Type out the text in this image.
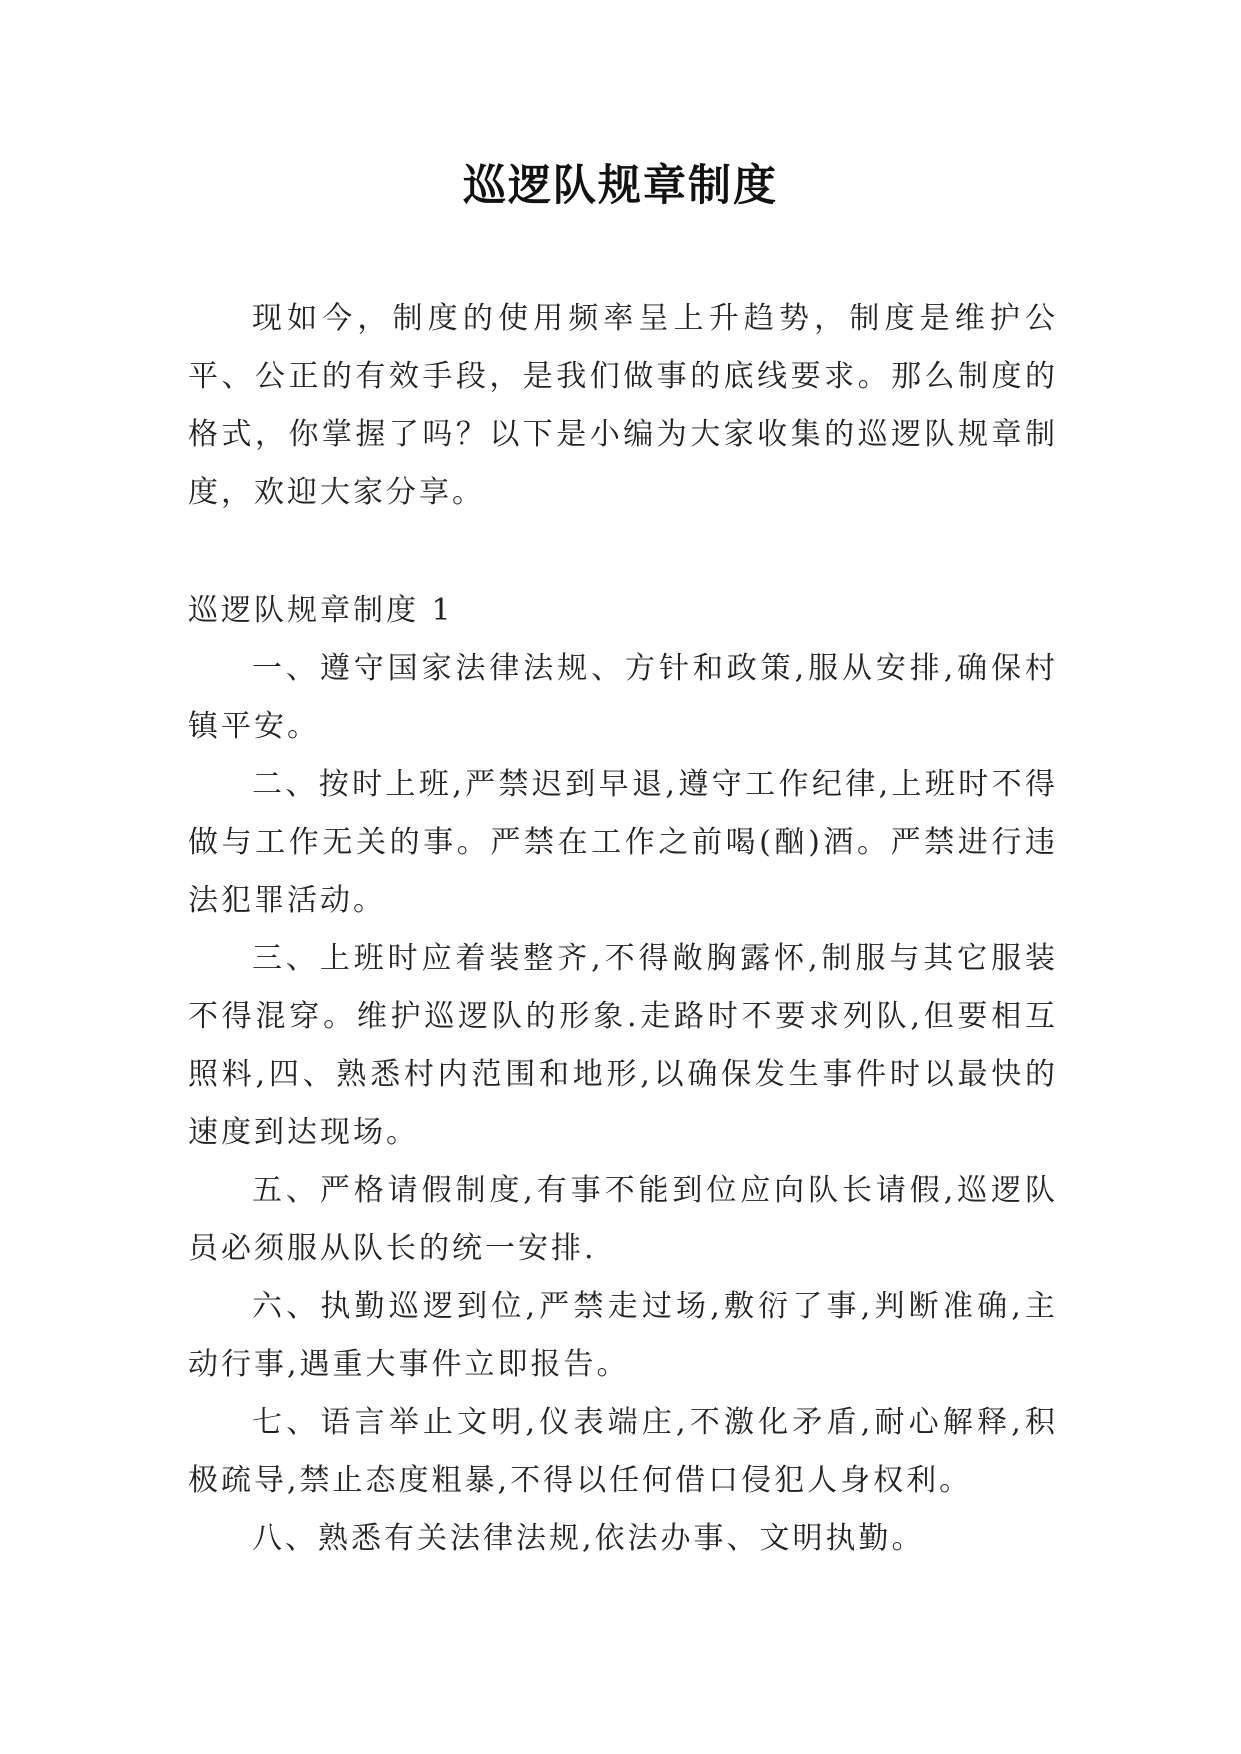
巡逻队规章制度

现如今，制度的使用频率呈上升趋势，制度是维护公平、公正的有效手段，是我们做事的底线要求。那么制度的格式，你掌握了吗？以下是小编为大家收集的巡逻队规章制度，欢迎大家分享。

巡逻队规章制度 1

一、遵守国家法律法规、方针和政策,服从安排,确保村镇平安。

二、按时上班,严禁迟到早退,遵守工作纪律,上班时不得做与工作无关的事。严禁在工作之前喝(酗)酒。严禁进行违法犯罪活动。

三、上班时应着装整齐,不得敞胸露怀,制服与其它服装不得混穿。维护巡逻队的形象.走路时不要求列队,但要相互照料,四、熟悉村内范围和地形,以确保发生事件时以最快的速度到达现场。

五、严格请假制度,有事不能到位应向队长请假,巡逻队员必须服从队长的统一安排.

六、执勤巡逻到位,严禁走过场,敷衍了事,判断准确,主动行事,遇重大事件立即报告。

七、语言举止文明,仪表端庄,不激化矛盾,耐心解释,积极疏导,禁止态度粗暴,不得以任何借口侵犯人身权利。

八、熟悉有关法律法规,依法办事、文明执勤。
